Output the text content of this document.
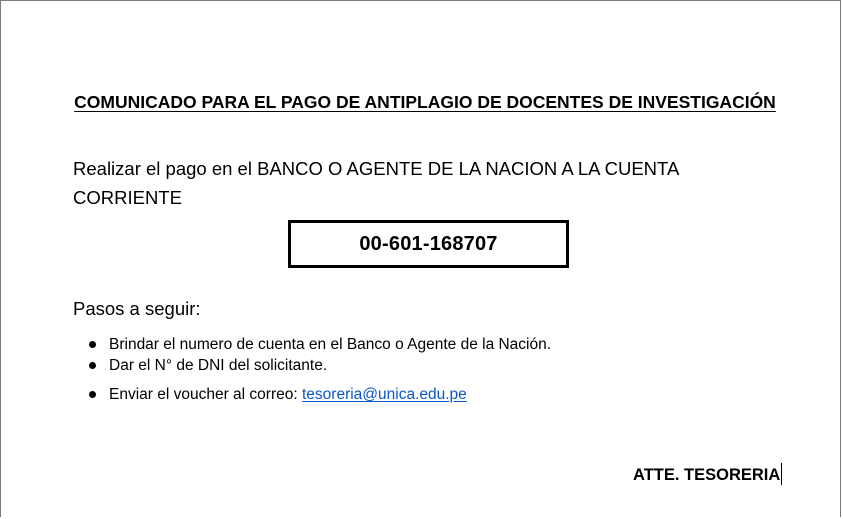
COMUNICADO PARA EL PAGO DE ANTIPLAGIO DE DOCENTES DE INVESTIGACIÓN
Realizar el pago en el BANCO O AGENTE DE LA NACION A LA CUENTA CORRIENTE
00-601-168707
Pasos a seguir:
Brindar el numero de cuenta en el Banco o Agente de la Nación.
Dar el N° de DNI del solicitante.
Enviar el voucher al correo: tesoreria@unica.edu.pe
ATTE. TESORERIA
